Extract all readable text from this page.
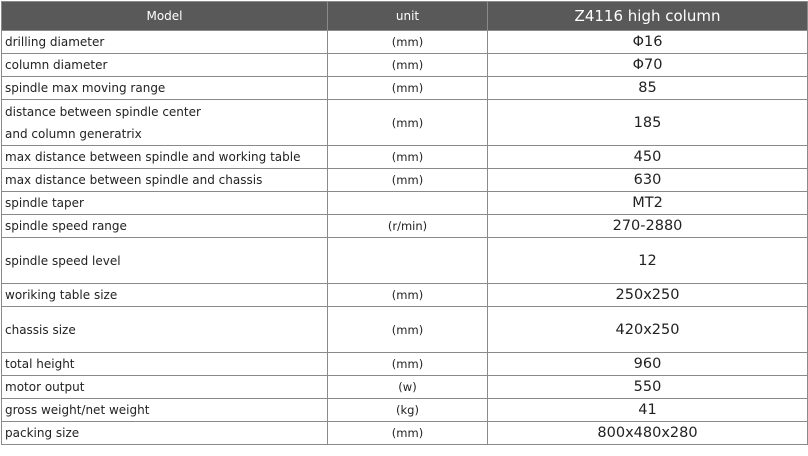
Model	unit	Z4116 high column
drilling diameter	(mm)	Φ16
column diameter	(mm)	Φ70
spindle max moving range	(mm)	85

distance between spindle center
and column generatrix	(mm)	185
max distance between spindle and working table	(mm)	450
max distance between spindle and chassis	(mm)	630
spindle taper		MT2
spindle speed range	(r/min)	270-2880
spindle speed level		12
woriking table size	(mm)	250x250
chassis size	(mm)	420x250
total height	(mm)	960
motor output	(w)	550
gross weight/net weight	(kg)	41
packing size	(mm)	800x480x280
